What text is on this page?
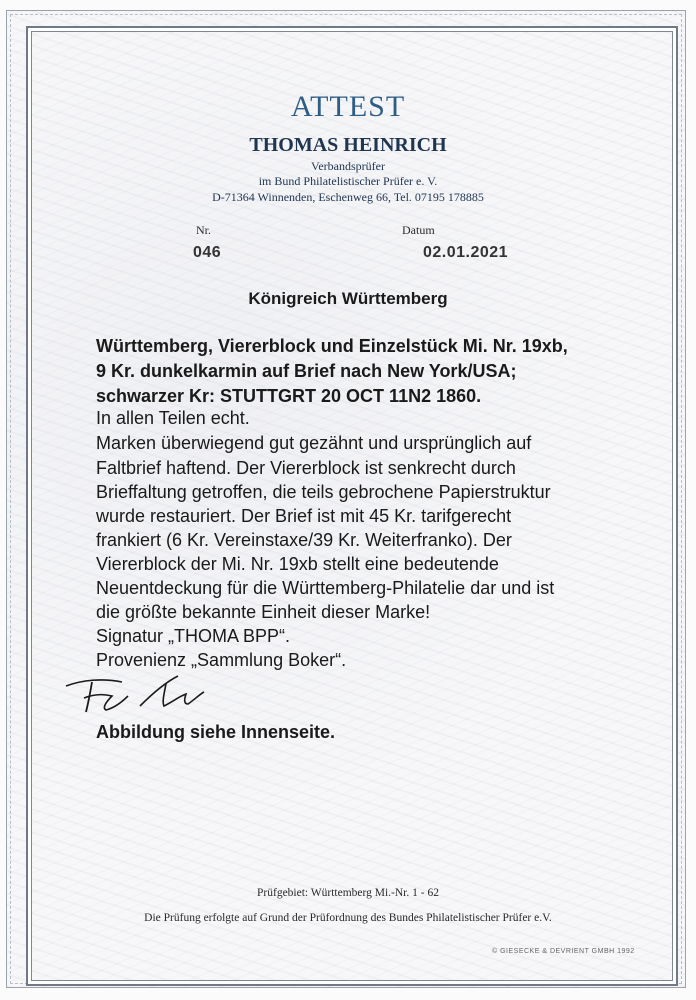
ATTEST
THOMAS HEINRICH
Verbandsprüfer
im Bund Philatelistischer Prüfer e. V.
D-71364 Winnenden, Eschenweg 66, Tel. 07195 178885
Nr.
046
Datum
02.01.2021
Königreich Württemberg
Württemberg, Viererblock und Einzelstück Mi. Nr. 19xb,
9 Kr. dunkelkarmin auf Brief nach New York/USA;
schwarzer Kr: STUTTGRT 20 OCT 11N2 1860.
In allen Teilen echt.
Marken überwiegend gut gezähnt und ursprünglich auf
Faltbrief haftend. Der Viererblock ist senkrecht durch
Brieffaltung getroffen, die teils gebrochene Papierstruktur
wurde restauriert. Der Brief ist mit 45 Kr. tarifgerecht
frankiert (6 Kr. Vereinstaxe/39 Kr. Weiterfranko). Der
Viererblock der Mi. Nr. 19xb stellt eine bedeutende
Neuentdeckung für die Württemberg-Philatelie dar und ist
die größte bekannte Einheit dieser Marke!
Signatur „THOMA BPP“.
Provenienz „Sammlung Boker“.
Abbildung siehe Innenseite.
Prüfgebiet: Württemberg Mi.-Nr. 1 - 62
Die Prüfung erfolgte auf Grund der Prüfordnung des Bundes Philatelistischer Prüfer e.V.
© GIESECKE & DEVRIENT GMBH 1992
